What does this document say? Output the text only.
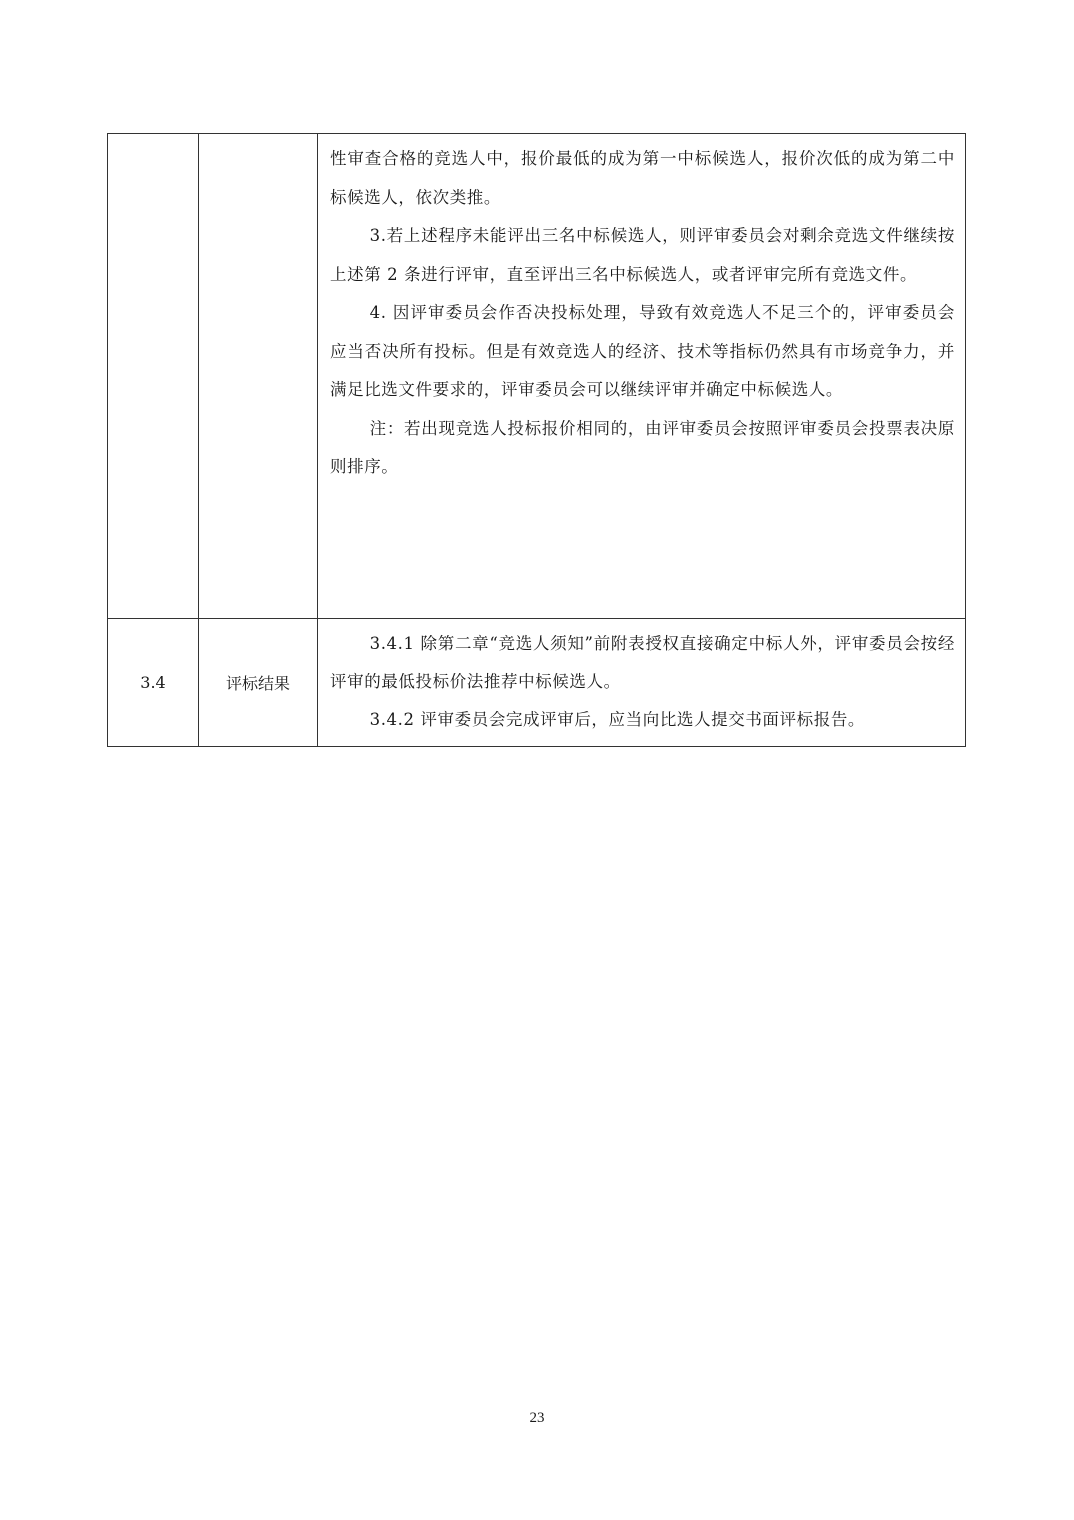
		性审查合格的竞选人中，报价最低的成为第一中标候选人，报价次低的成为第二中标候选人，依次类推。

3.若上述程序未能评出三名中标候选人，则评审委员会对剩余竞选文件继续按上述第 2 条进行评审，直至评出三名中标候选人，或者评审完所有竞选文件。

4. 因评审委员会作否决投标处理，导致有效竞选人不足三个的，评审委员会应当否决所有投标。但是有效竞选人的经济、技术等指标仍然具有市场竞争力，并满足比选文件要求的，评审委员会可以继续评审并确定中标候选人。

注：若出现竞选人投标报价相同的，由评审委员会按照评审委员会投票表决原则排序。

3.4	评标结果	3.4.1 除第二章“竞选人须知”前附表授权直接确定中标人外，评审委员会按经评审的最低投标价法推荐中标候选人。

3.4.2 评审委员会完成评审后，应当向比选人提交书面评标报告。

23
